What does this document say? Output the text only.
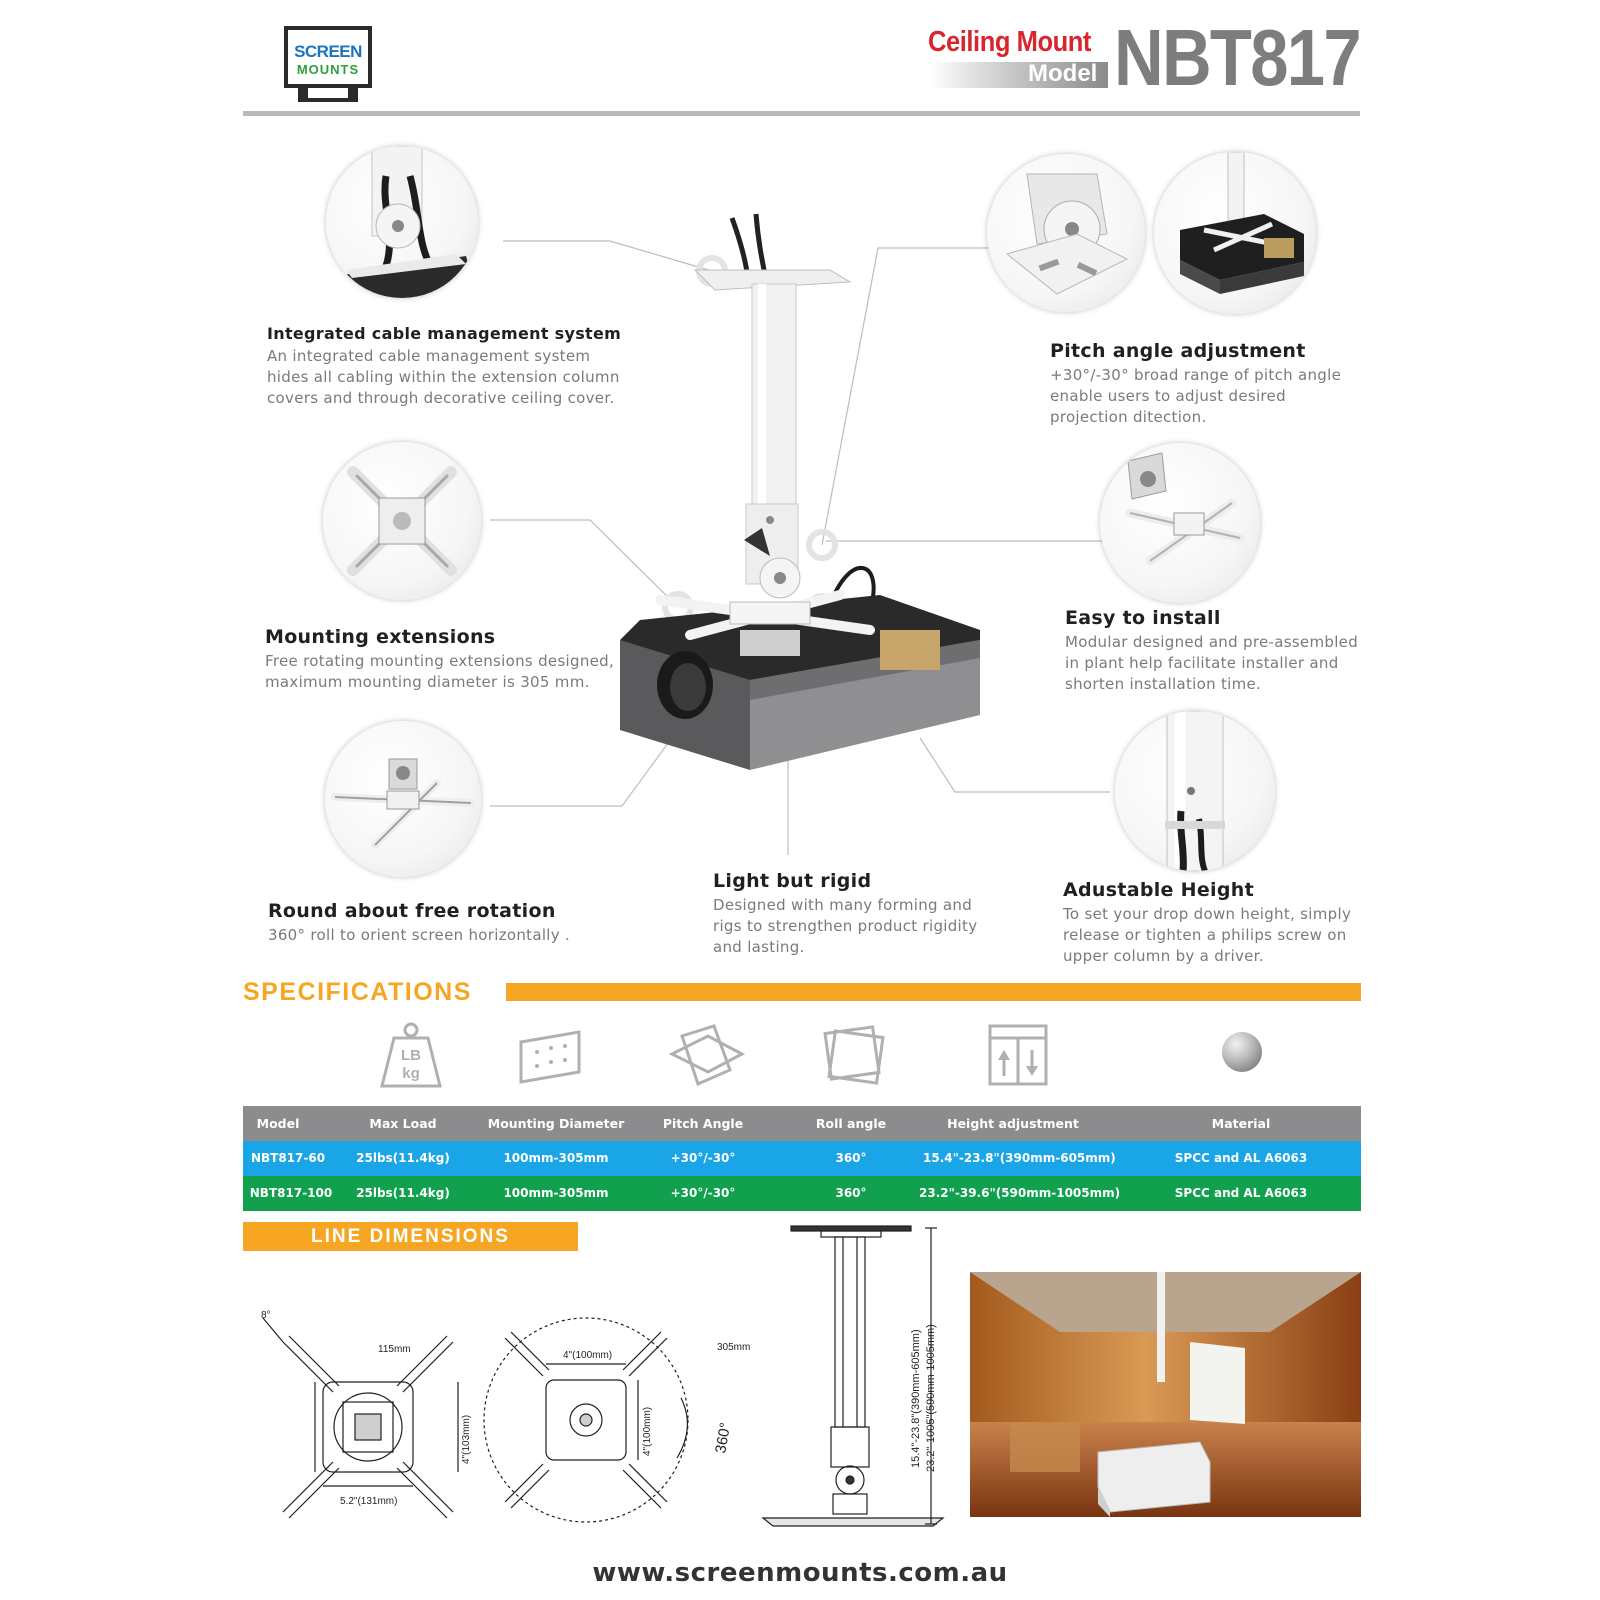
SCREEN
MOUNTS
Ceiling Mount
Model NBT817
Integrated cable management system
An integrated cable management system
hides all cabling within the extension column
covers and through decorative ceiling cover.
Pitch angle adjustment
+30°/-30° broad range of pitch angle
enable users to adjust desired
projection ditection.
Mounting extensions
Free rotating mounting extensions designed,
maximum mounting diameter is 305 mm.
Easy to install
Modular designed and pre-assembled
in plant help facilitate installer and
shorten installation time.
Round about free rotation
360° roll to orient screen horizontally .
Light but rigid
Designed with many forming and
rigs to strengthen product rigidity
and lasting.
Adustable Height
To set your drop down height, simply
release or tighten a philips screw on
upper column by a driver.
SPECIFICATIONS
LB
kg
Model	Max Load	Mounting Diameter	Pitch Angle	Roll angle	Height adjustment	Material
NBT817-60	25lbs(11.4kg)	100mm-305mm	+30°/-30°	360°	15.4"-23.8"(390mm-605mm)	SPCC and AL A6063
NBT817-100	25lbs(11.4kg)	100mm-305mm	+30°/-30°	360°	23.2"-39.6"(590mm-1005mm)	SPCC and AL A6063
LINE DIMENSIONS
8°
115mm
5.2"(131mm)
4"(103mm)
4"(100mm)
305mm
4"(100mm)	360°	15.4"-23.8"(390mm-605mm) 23.2"-1005"(590mm-1005mm)
www.screenmounts.com.au
